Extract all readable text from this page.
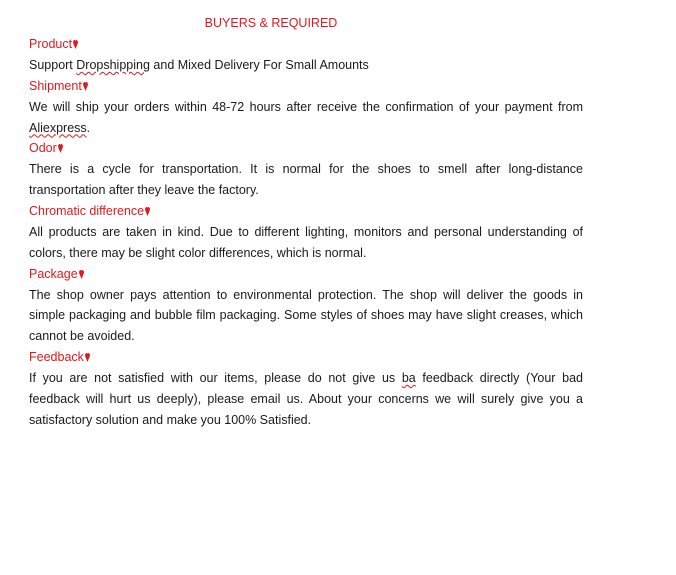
BUYERS & REQUIRED

Product

Support Dropshipping and Mixed Delivery For Small Amounts

Shipment

We will ship your orders within 48-72 hours after receive the confirmation of your payment from Aliexpress.

Odor

There is a cycle for transportation. It is normal for the shoes to smell after long-distance transportation after they leave the factory.

Chromatic difference

All products are taken in kind. Due to different lighting, monitors and personal understanding of colors, there may be slight color differences, which is normal.

Package

The shop owner pays attention to environmental protection. The shop will deliver the goods in simple packaging and bubble film packaging. Some styles of shoes may have slight creases, which cannot be avoided.

Feedback

If you are not satisfied with our items, please do not give us ba feedback directly (Your bad feedback will hurt us deeply), please email us. About your concerns we will surely give you a satisfactory solution and make you 100% Satisfied.
